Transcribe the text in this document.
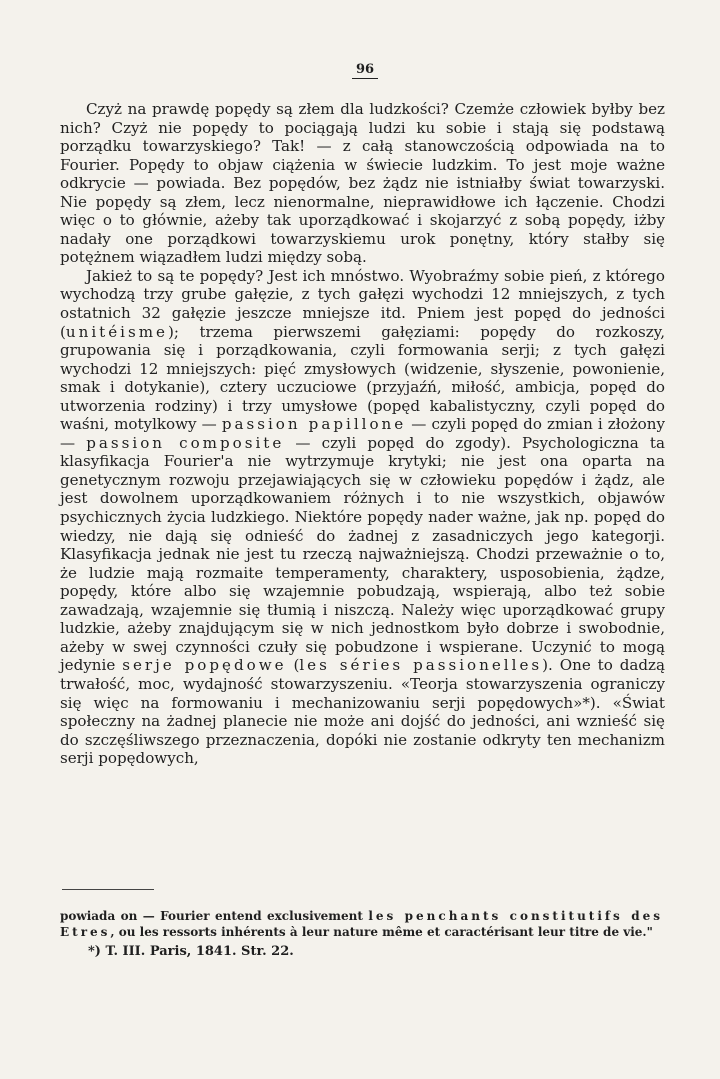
96

Czyż na prawdę popędy są złem dla ludzkości? Czemże człowiek byłby bez nich? Czyż nie popędy to pociągają ludzi ku sobie i stają się podstawą porządku towarzyskiego? Tak! — z całą stanowczością odpowiada na to Fourier. Popędy to objaw ciążenia w świecie ludzkim. To jest moje ważne odkrycie — powiada. Bez popędów, bez żądz nie istniałby świat towarzyski. Nie popędy są złem, lecz nienormalne, nieprawidłowe ich łączenie. Chodzi więc o to głównie, ażeby tak uporządkować i skojarzyć z sobą popędy, iżby nadały one porządkowi towarzyskiemu urok ponętny, który stałby się potężnem wiązadłem ludzi między sobą.

Jakież to są te popędy? Jest ich mnóstwo. Wyobraźmy sobie pień, z którego wychodzą trzy grube gałęzie, z tych gałęzi wychodzi 12 mniejszych, z tych ostatnich 32 gałęzie jeszcze mniejsze itd. Pniem jest popęd do jedności (unitéisme); trzema pierwszemi gałęziami: popędy do rozkoszy, grupowania się i porządkowania, czyli formowania serji; z tych gałęzi wychodzi 12 mniejszych: pięć zmysłowych (widzenie, słyszenie, powonienie, smak i dotykanie), cztery uczuciowe (przyjaźń, miłość, ambicja, popęd do utworzenia rodziny) i trzy umysłowe (popęd kabalistyczny, czyli popęd do waśni, motylkowy — passion papillone — czyli popęd do zmian i złożony — passion composite — czyli popęd do zgody). Psychologiczna ta klasyfikacja Fourier'a nie wytrzymuje krytyki; nie jest ona oparta na genetycznym rozwoju przejawiających się w człowieku popędów i żądz, ale jest dowolnem uporządkowaniem różnych i to nie wszystkich, objawów psychicznych życia ludzkiego. Niektóre popędy nader ważne, jak np. popęd do wiedzy, nie dają się odnieść do żadnej z zasadniczych jego kategorji. Klasyfikacja jednak nie jest tu rzeczą najważniejszą. Chodzi przeważnie o to, że ludzie mają rozmaite temperamenty, charaktery, usposobienia, żądze, popędy, które albo się wzajemnie pobudzają, wspierają, albo też sobie zawadzają, wzajemnie się tłumią i niszczą. Należy więc uporządkować grupy ludzkie, ażeby znajdującym się w nich jednostkom było dobrze i swobodnie, ażeby w swej czynności czuły się pobudzone i wspierane. Uczynić to mogą jedynie serje popędowe (les séries passionelles). One to dadzą trwałość, moc, wydajność stowarzyszeniu. «Teorja stowarzyszenia ograniczy się więc na formowaniu i mechanizowaniu serji popędowych»*). «Świat społeczny na żadnej planecie nie może ani dojść do jedności, ani wznieść się do szczęśliwszego przeznaczenia, dopóki nie zostanie odkryty ten mechanizm serji popędowych,

powiada on — Fourier entend exclusivement les penchants constitutifs des Etres, ou les ressorts inhérents à leur nature même et caractérisant leur titre de vie."

*) T. III. Paris, 1841. Str. 22.
